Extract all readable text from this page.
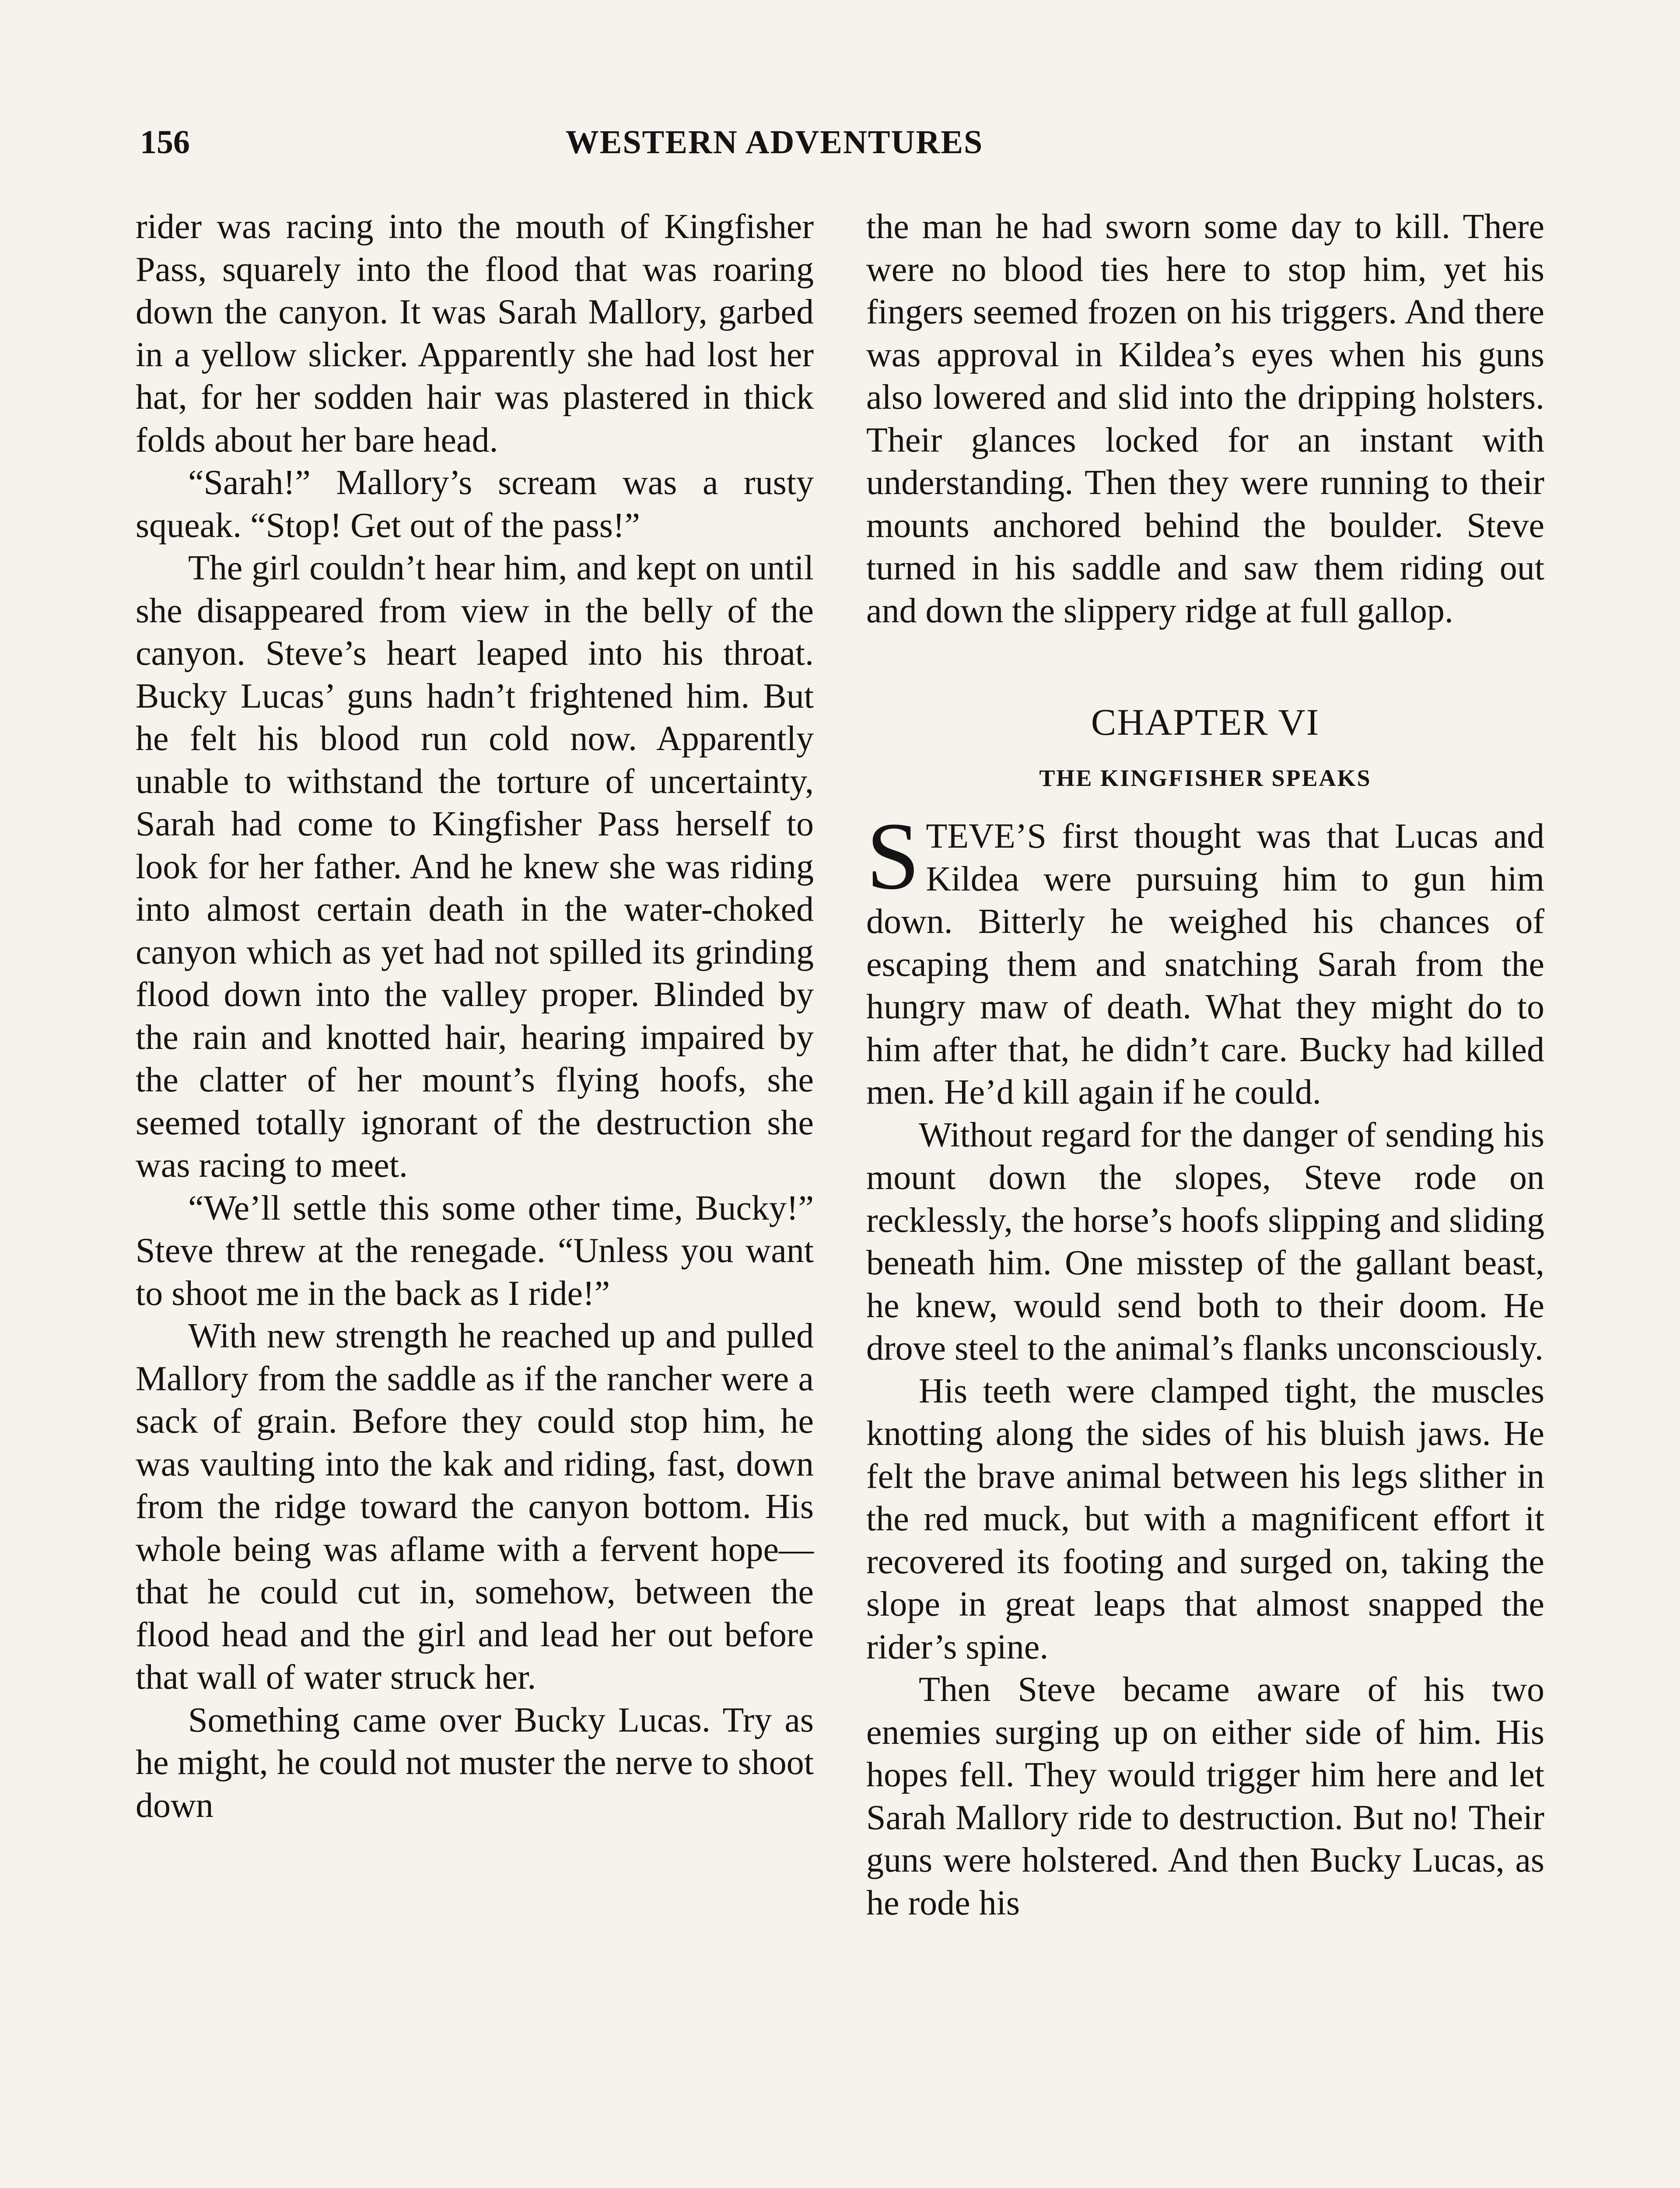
156	WESTERN ADVENTURES

rider was racing into the mouth of Kingfisher Pass, squarely into the flood that was roaring down the canyon. It was Sarah Mallory, garbed in a yellow slicker. Apparently she had lost her hat, for her sodden hair was plastered in thick folds about her bare head.

“Sarah!” Mallory’s scream was a rusty squeak. “Stop! Get out of the pass!”

The girl couldn’t hear him, and kept on until she disappeared from view in the belly of the canyon. Steve’s heart leaped into his throat. Bucky Lucas’ guns hadn’t frightened him. But he felt his blood run cold now. Apparently unable to withstand the torture of uncertainty, Sarah had come to Kingfisher Pass herself to look for her father. And he knew she was riding into almost certain death in the water-choked canyon which as yet had not spilled its grinding flood down into the valley proper. Blinded by the rain and knotted hair, hearing impaired by the clatter of her mount’s flying hoofs, she seemed totally ignorant of the destruction she was racing to meet.

“We’ll settle this some other time, Bucky!” Steve threw at the renegade. “Unless you want to shoot me in the back as I ride!”

With new strength he reached up and pulled Mallory from the saddle as if the rancher were a sack of grain. Before they could stop him, he was vaulting into the kak and riding, fast, down from the ridge toward the canyon bottom. His whole being was aflame with a fervent hope— that he could cut in, somehow, between the flood head and the girl and lead her out before that wall of water struck her.

Something came over Bucky Lucas. Try as he might, he could not muster the nerve to shoot down

the man he had sworn some day to kill. There were no blood ties here to stop him, yet his fingers seemed frozen on his triggers. And there was approval in Kildea’s eyes when his guns also lowered and slid into the dripping holsters. Their glances locked for an instant with understanding. Then they were running to their mounts anchored behind the boulder. Steve turned in his saddle and saw them riding out and down the slippery ridge at full gallop.

CHAPTER VI
THE KINGFISHER SPEAKS

STEVE’S first thought was that Lucas and Kildea were pursuing him to gun him down. Bitterly he weighed his chances of escaping them and snatching Sarah from the hungry maw of death. What they might do to him after that, he didn’t care. Bucky had killed men. He’d kill again if he could.

Without regard for the danger of sending his mount down the slopes, Steve rode on recklessly, the horse’s hoofs slipping and sliding beneath him. One misstep of the gallant beast, he knew, would send both to their doom. He drove steel to the animal’s flanks unconsciously.

His teeth were clamped tight, the muscles knotting along the sides of his bluish jaws. He felt the brave animal between his legs slither in the red muck, but with a magnificent effort it recovered its footing and surged on, taking the slope in great leaps that almost snapped the rider’s spine.

Then Steve became aware of his two enemies surging up on either side of him. His hopes fell. They would trigger him here and let Sarah Mallory ride to destruction. But no! Their guns were holstered. And then Bucky Lucas, as he rode his
